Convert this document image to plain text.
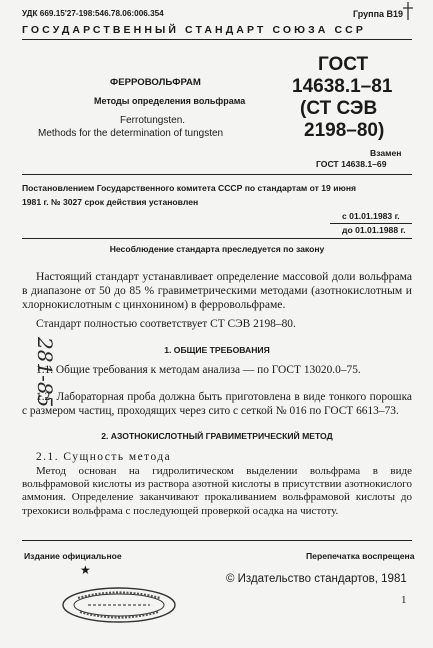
УДК 669.15'27-198:546.78.06:006.354	Группа В19
ГОСУДАРСТВЕННЫЙ СТАНДАРТ СОЮЗА ССР
ФЕРРОВОЛЬФРАМ
Методы определения вольфрама
Ferrotungsten.
Methods for the determination of tungsten
ГОСТ
14638.1–81
(СТ СЭВ
2198–80)
Взамен
ГОСТ 14638.1–69
Постановлением Государственного комитета СССР по стандартам от 19 июня
1981 г. № 3027 срок действия установлен
с 01.01.1983 г.
до 01.01.1988 г.
Несоблюдение стандарта преследуется по закону
Настоящий стандарт устанавливает определение массовой доли вольфрама в диапазоне от 50 до 85 % гравиметрическими методами (азотнокислотным и хлорнокислотным с цинхонином) в ферровольфраме.
Стандарт полностью соответствует СТ СЭВ 2198–80.
1. ОБЩИЕ ТРЕБОВАНИЯ
1.1. Общие требования к методам анализа — по ГОСТ 13020.0–75.
1.2. Лабораторная проба должна быть приготовлена в виде тонкого порошка с размером частиц, проходящих через сито с сеткой № 016 по ГОСТ 6613–73.
2. АЗОТНОКИСЛОТНЫЙ ГРАВИМЕТРИЧЕСКИЙ МЕТОД
2.1. Сущность метода
Метод основан на гидролитическом выделении вольфрама в виде вольфрамовой кислоты из раствора азотной кислоты в присутствии азотнокислого аммония. Определение заканчивают прокаливанием вольфрамовой кислоты до трехокиси вольфрама с последующей проверкой осадка на чистоту.
Издание официальное	Перепечатка воспрещена
★
© Издательство стандартов, 1981
1
281-85
